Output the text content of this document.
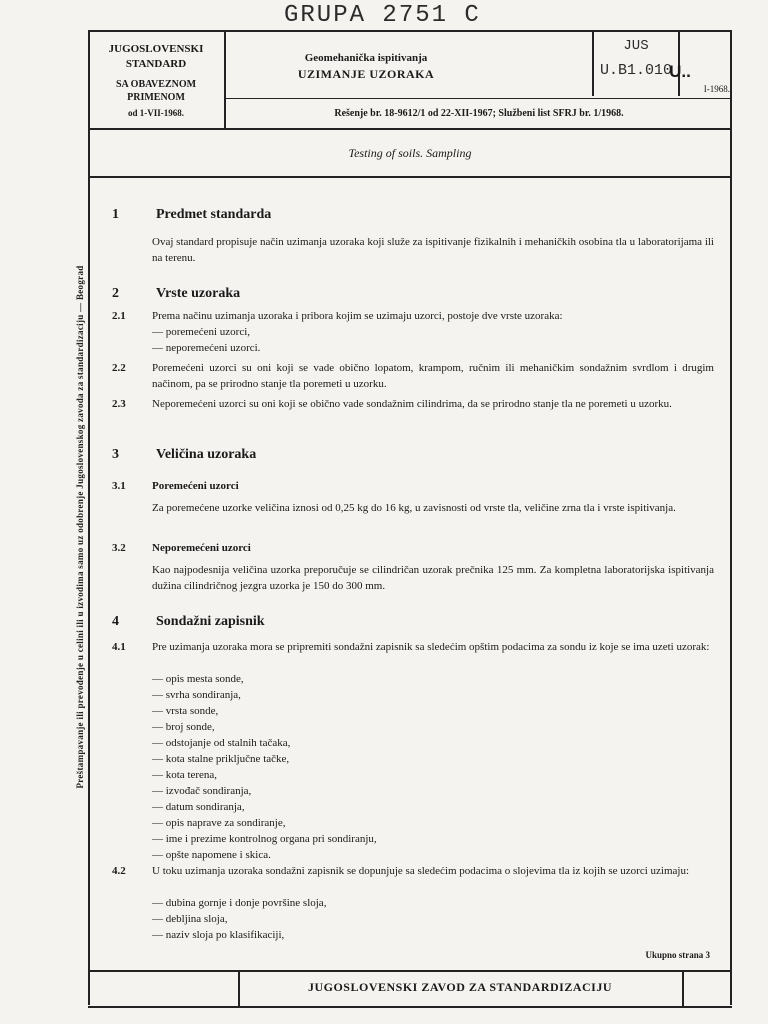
GRUPA 2751 C
Preštampavanje ili prevođenje u celini ili u izvodima samo uz odobrenje Jugoslovenskog zavoda za standardizaciju — Beograd
JUGOSLOVENSKI
STANDARD
SA OBAVEZNOM
PRIMENOM
od 1-VII-1968.
Geomehanička ispitivanja
UZIMANJE UZORAKA
JUS
U.B1.010
U..
I-1968.
Rešenje br. 18-9612/1 od 22-XII-1967; Službeni list SFRJ br. 1/1968.
Testing of soils. Sampling
1	Predmet standarda
Ovaj standard propisuje način uzimanja uzoraka koji služe za ispitivanje fizikalnih i mehaničkih osobina tla u laboratorijama ili na terenu.
2	Vrste uzoraka
2.1 Prema načinu uzimanja uzoraka i pribora kojim se uzimaju uzorci, postoje dve vrste uzoraka:
— poremećeni uzorci,
— neporemećeni uzorci.
2.2 Poremećeni uzorci su oni koji se vade obično lopatom, krampom, ručnim ili mehaničkim sondažnim svrdlom i drugim načinom, pa se prirodno stanje tla poremeti u uzorku.
2.3 Neporemećeni uzorci su oni koji se obično vade sondažnim cilindrima, da se prirodno stanje tla ne poremeti u uzorku.
3	Veličina uzoraka
3.1 Poremećeni uzorci
Za poremećene uzorke veličina iznosi od 0,25 kg do 16 kg, u zavisnosti od vrste tla, veličine zrna tla i vrste ispitivanja.
3.2 Neporemećeni uzorci
Kao najpodesnija veličina uzorka preporučuje se cilindričan uzorak prečnika 125 mm. Za kompletna laboratorijska ispitivanja dužina cilindričnog jezgra uzorka je 150 do 300 mm.
4	Sondažni zapisnik
4.1 Pre uzimanja uzoraka mora se pripremiti sondažni zapisnik sa sledećim opštim podacima za sondu iz koje se ima uzeti uzorak:
— opis mesta sonde,
— svrha sondiranja,
— vrsta sonde,
— broj sonde,
— odstojanje od stalnih tačaka,
— kota stalne priključne tačke,
— kota terena,
— izvođač sondiranja,
— datum sondiranja,
— opis naprave za sondiranje,
— ime i prezime kontrolnog organa pri sondiranju,
— opšte napomene i skica.
4.2 U toku uzimanja uzoraka sondažni zapisnik se dopunjuje sa sledećim podacima o slojevima tla iz kojih se uzorci uzimaju:
— dubina gornje i donje površine sloja,
— debljina sloja,
— naziv sloja po klasifikaciji,
Ukupno strana 3
JUGOSLOVENSKI ZAVOD ZA STANDARDIZACIJU
